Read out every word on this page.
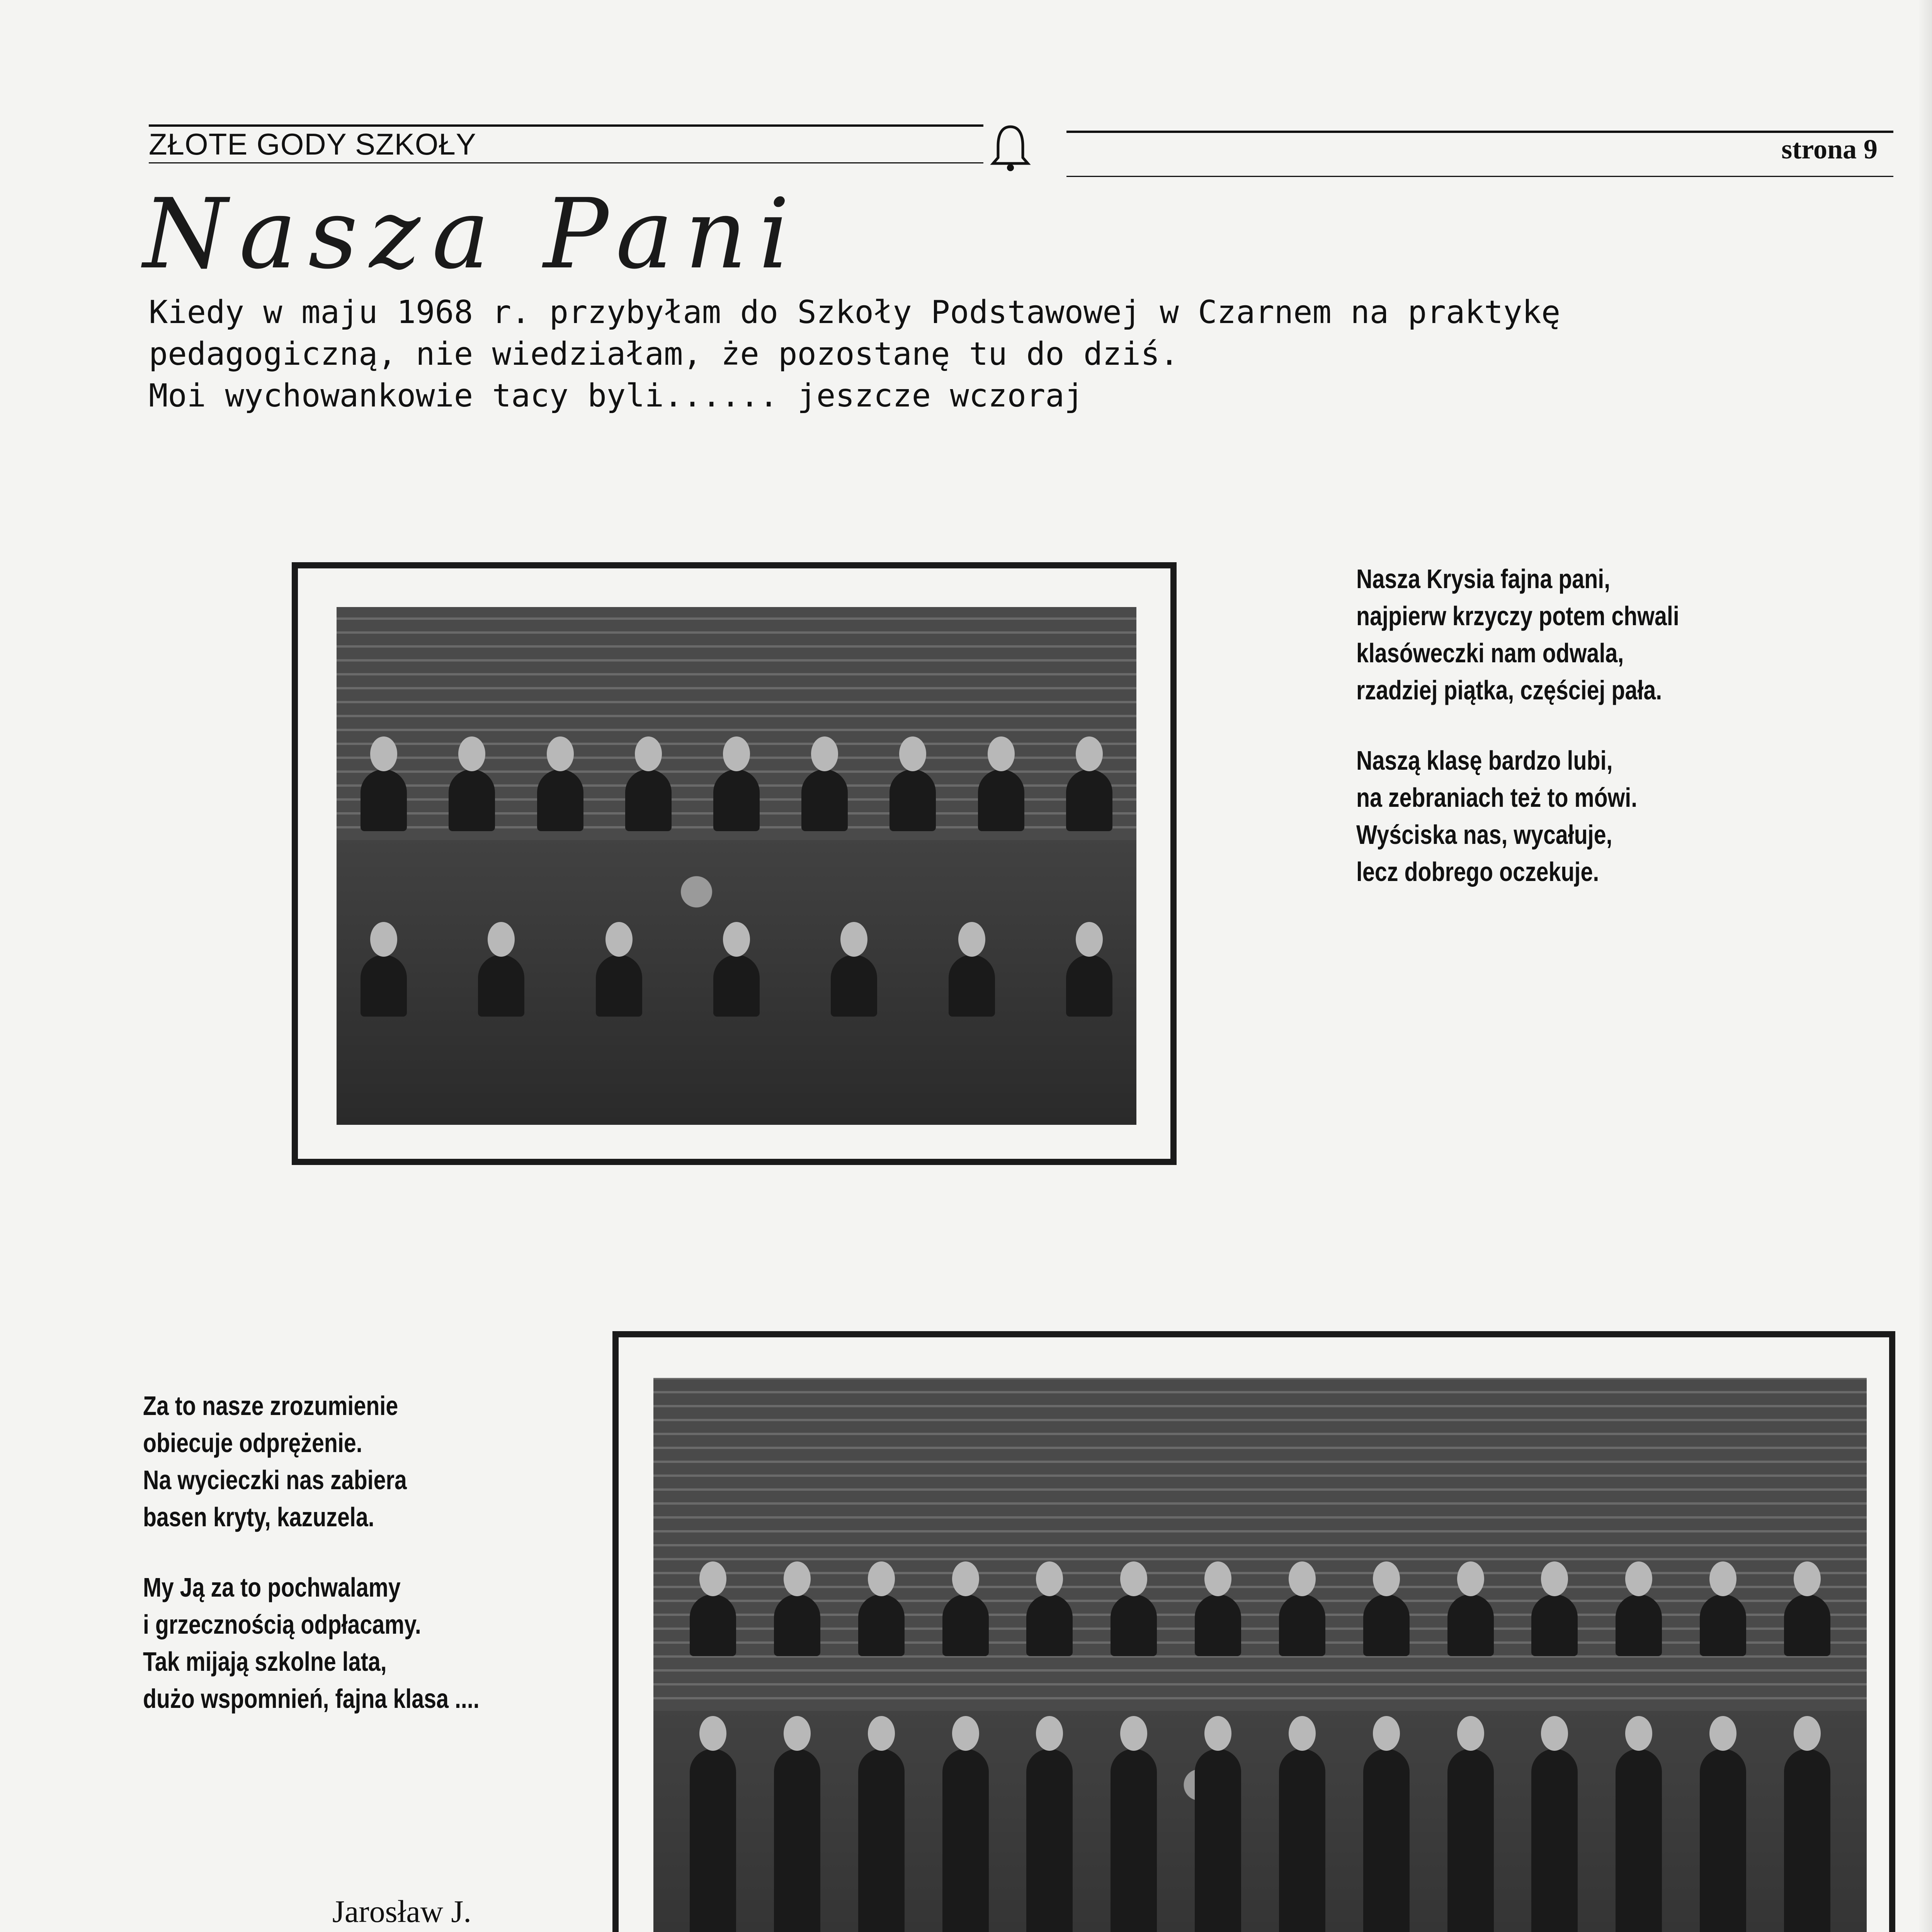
ZŁOTE GODY SZKOŁY	strona 9
Nasza Pani
Kiedy w maju 1968 r. przybyłam do Szkoły Podstawowej w Czarnem na praktykę
pedagogiczną, nie wiedziałam, że pozostanę tu do dziś.
Moi wychowankowie tacy byli...... jeszcze wczoraj

Nasza Krysia fajna pani,
najpierw krzyczy potem chwali
klasóweczki nam odwala,
rzadziej piątka, częściej pała.

Naszą klasę bardzo lubi,
na zebraniach też to mówi.
Wyściska nas, wycałuje,
lecz dobrego oczekuje.

Za to nasze zrozumienie
obiecuje odprężenie.
Na wycieczki nas zabiera
basen kryty, kazuzela.

My Ją za to pochwalamy
i grzecznością odpłacamy.
Tak mijają szkolne lata,
dużo wspomnień, fajna klasa ....

Jarosław J.
